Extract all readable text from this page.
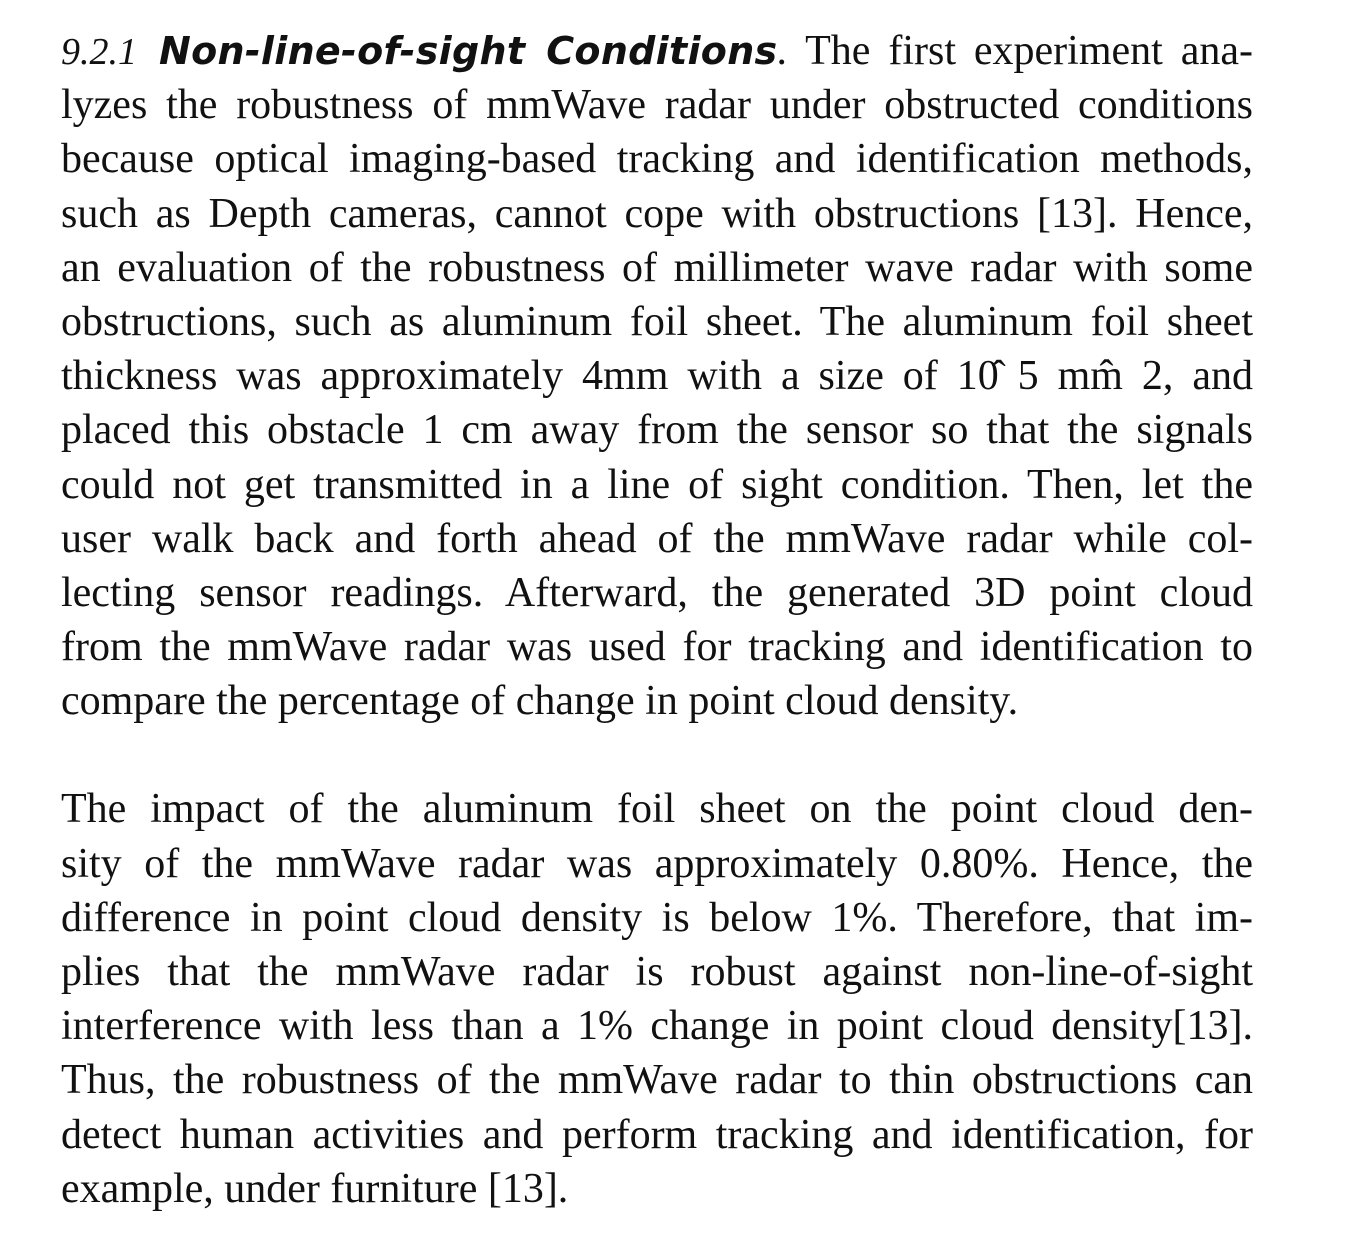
9.2.1 Non-line-of-sight Conditions. The first experiment ana-
lyzes the robustness of mmWave radar under obstructed conditions
because optical imaging-based tracking and identification methods,
such as Depth cameras, cannot cope with obstructions [13]. Hence,
an evaluation of the robustness of millimeter wave radar with some
obstructions, such as aluminum foil sheet. The aluminum foil sheet
thickness was approximately 4mm with a size of 10̂ 5 mm̂ 2, and
placed this obstacle 1 cm away from the sensor so that the signals
could not get transmitted in a line of sight condition. Then, let the
user walk back and forth ahead of the mmWave radar while col-
lecting sensor readings. Afterward, the generated 3D point cloud
from the mmWave radar was used for tracking and identification to
compare the percentage of change in point cloud density.
The impact of the aluminum foil sheet on the point cloud den-
sity of the mmWave radar was approximately 0.80%. Hence, the
difference in point cloud density is below 1%. Therefore, that im-
plies that the mmWave radar is robust against non-line-of-sight
interference with less than a 1% change in point cloud density[13].
Thus, the robustness of the mmWave radar to thin obstructions can
detect human activities and perform tracking and identification, for
example, under furniture [13].
